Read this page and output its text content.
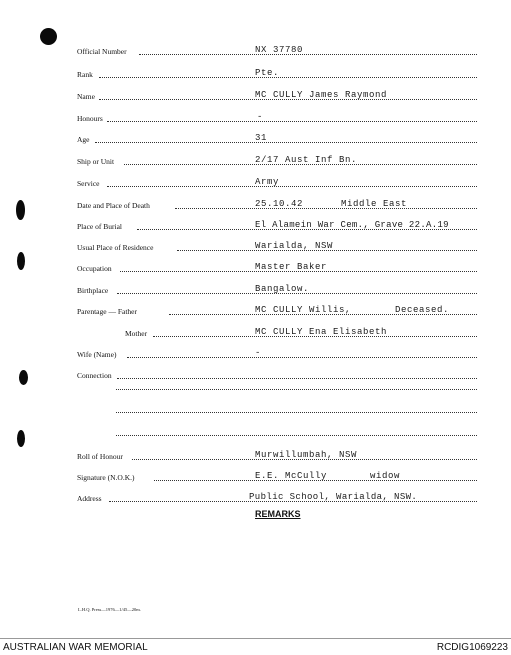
Official Number	NX 37780
Rank	Pte.
Name	MC CULLY James Raymond
Honours	-
Age	31
Ship or Unit	2/17 Aust Inf Bn.
Service	Army
Date and Place of Death	25.10.42	Middle East
Place of Burial	El Alamein War Cem., Grave 22.A.19
Usual Place of Residence	Warialda, NSW
Occupation	Master Baker
Birthplace	Bangalow.
Parentage — Father	MC CULLY Willis,	Deceased.
Mother	MC CULLY Ena Elisabeth
Wife (Name)	-
Connection
Roll of Honour	Murwillumbah, NSW
Signature (N.O.K.)	E.E. McCully	widow
Address	Public School, Warialda, NSW.
REMARKS
L.H.Q. Press—1976—1/45—20m.
AUSTRALIAN WAR MEMORIAL	RCDIG1069223
